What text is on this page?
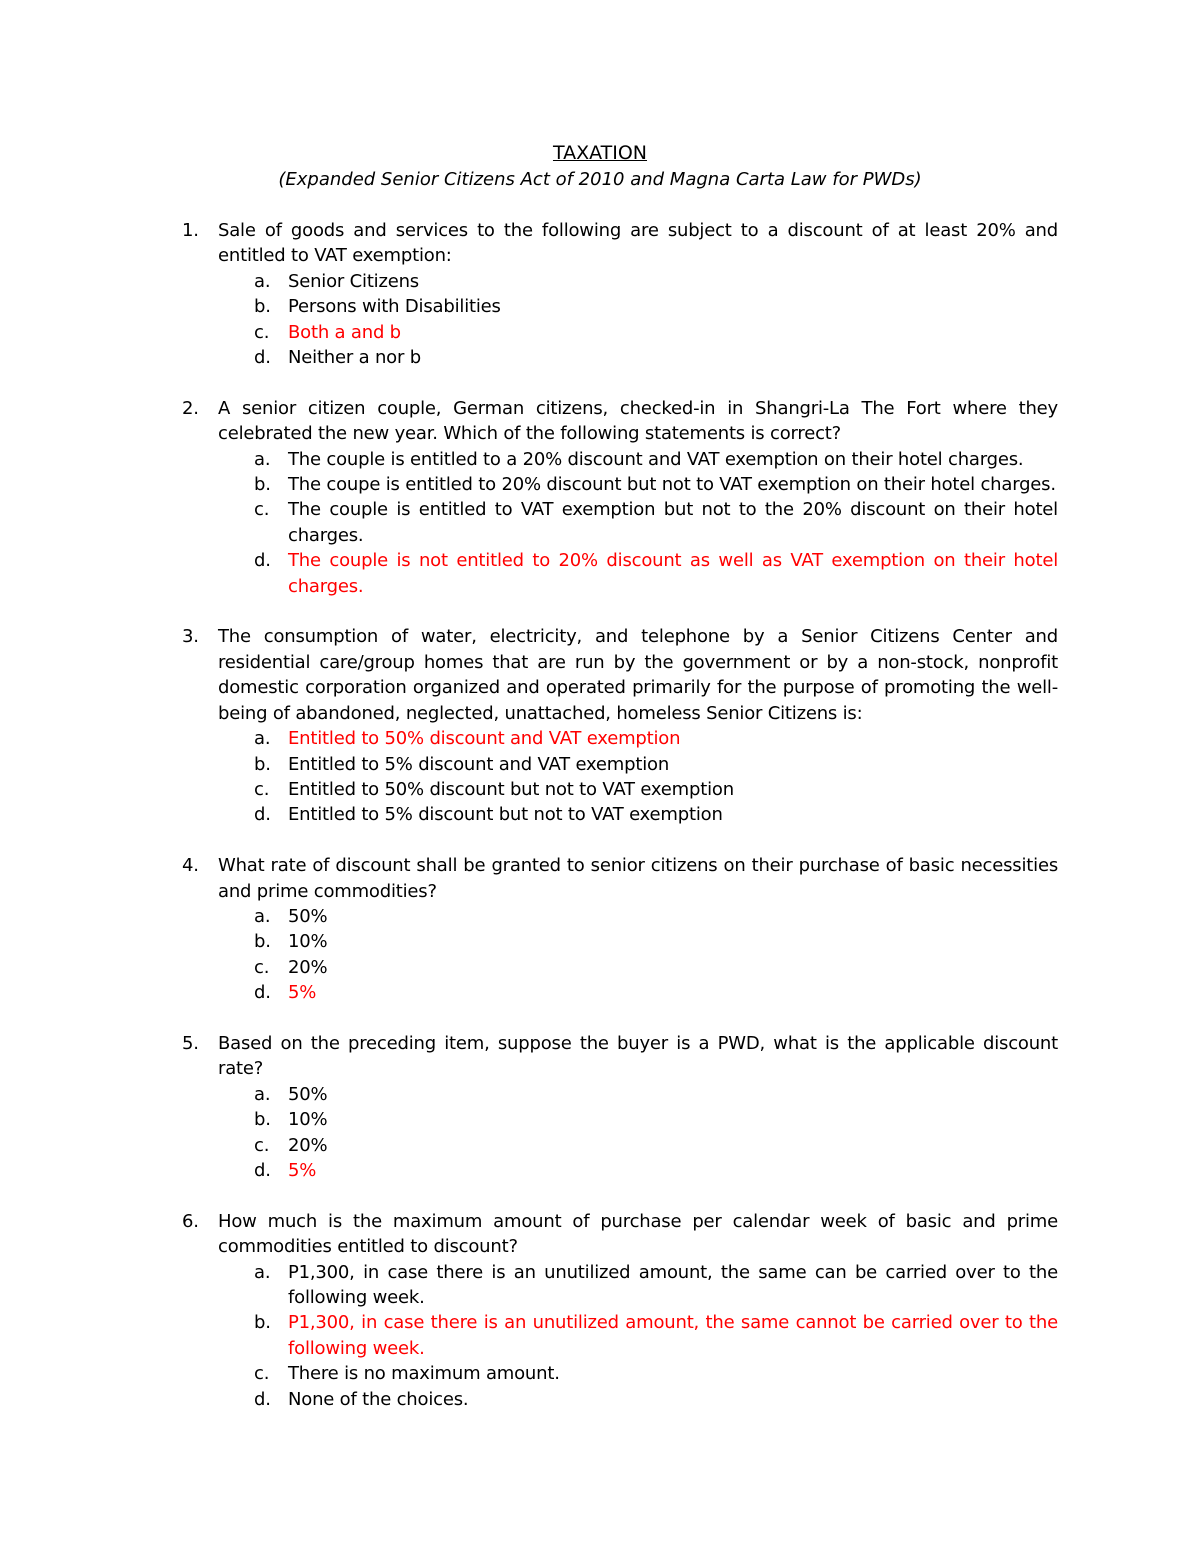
TAXATION
(Expanded Senior Citizens Act of 2010 and Magna Carta Law for PWDs)
1. Sale of goods and services to the following are subject to a discount of at least 20% and entitled to VAT exemption:
a. Senior Citizens
b. Persons with Disabilities
c. Both a and b
d. Neither a nor b
2. A senior citizen couple, German citizens, checked-in in Shangri-La The Fort where they celebrated the new year. Which of the following statements is correct?
a. The couple is entitled to a 20% discount and VAT exemption on their hotel charges.
b. The coupe is entitled to 20% discount but not to VAT exemption on their hotel charges.
c. The couple is entitled to VAT exemption but not to the 20% discount on their hotel charges.
d. The couple is not entitled to 20% discount as well as VAT exemption on their hotel charges.
3. The consumption of water, electricity, and telephone by a Senior Citizens Center and residential care/group homes that are run by the government or by a non-stock, nonprofit domestic corporation organized and operated primarily for the purpose of promoting the well-being of abandoned, neglected, unattached, homeless Senior Citizens is:
a. Entitled to 50% discount and VAT exemption
b. Entitled to 5% discount and VAT exemption
c. Entitled to 50% discount but not to VAT exemption
d. Entitled to 5% discount but not to VAT exemption
4. What rate of discount shall be granted to senior citizens on their purchase of basic necessities and prime commodities?
a. 50%
b. 10%
c. 20%
d. 5%
5. Based on the preceding item, suppose the buyer is a PWD, what is the applicable discount rate?
a. 50%
b. 10%
c. 20%
d. 5%
6. How much is the maximum amount of purchase per calendar week of basic and prime commodities entitled to discount?
a. P1,300, in case there is an unutilized amount, the same can be carried over to the following week.
b. P1,300, in case there is an unutilized amount, the same cannot be carried over to the following week.
c. There is no maximum amount.
d. None of the choices.
